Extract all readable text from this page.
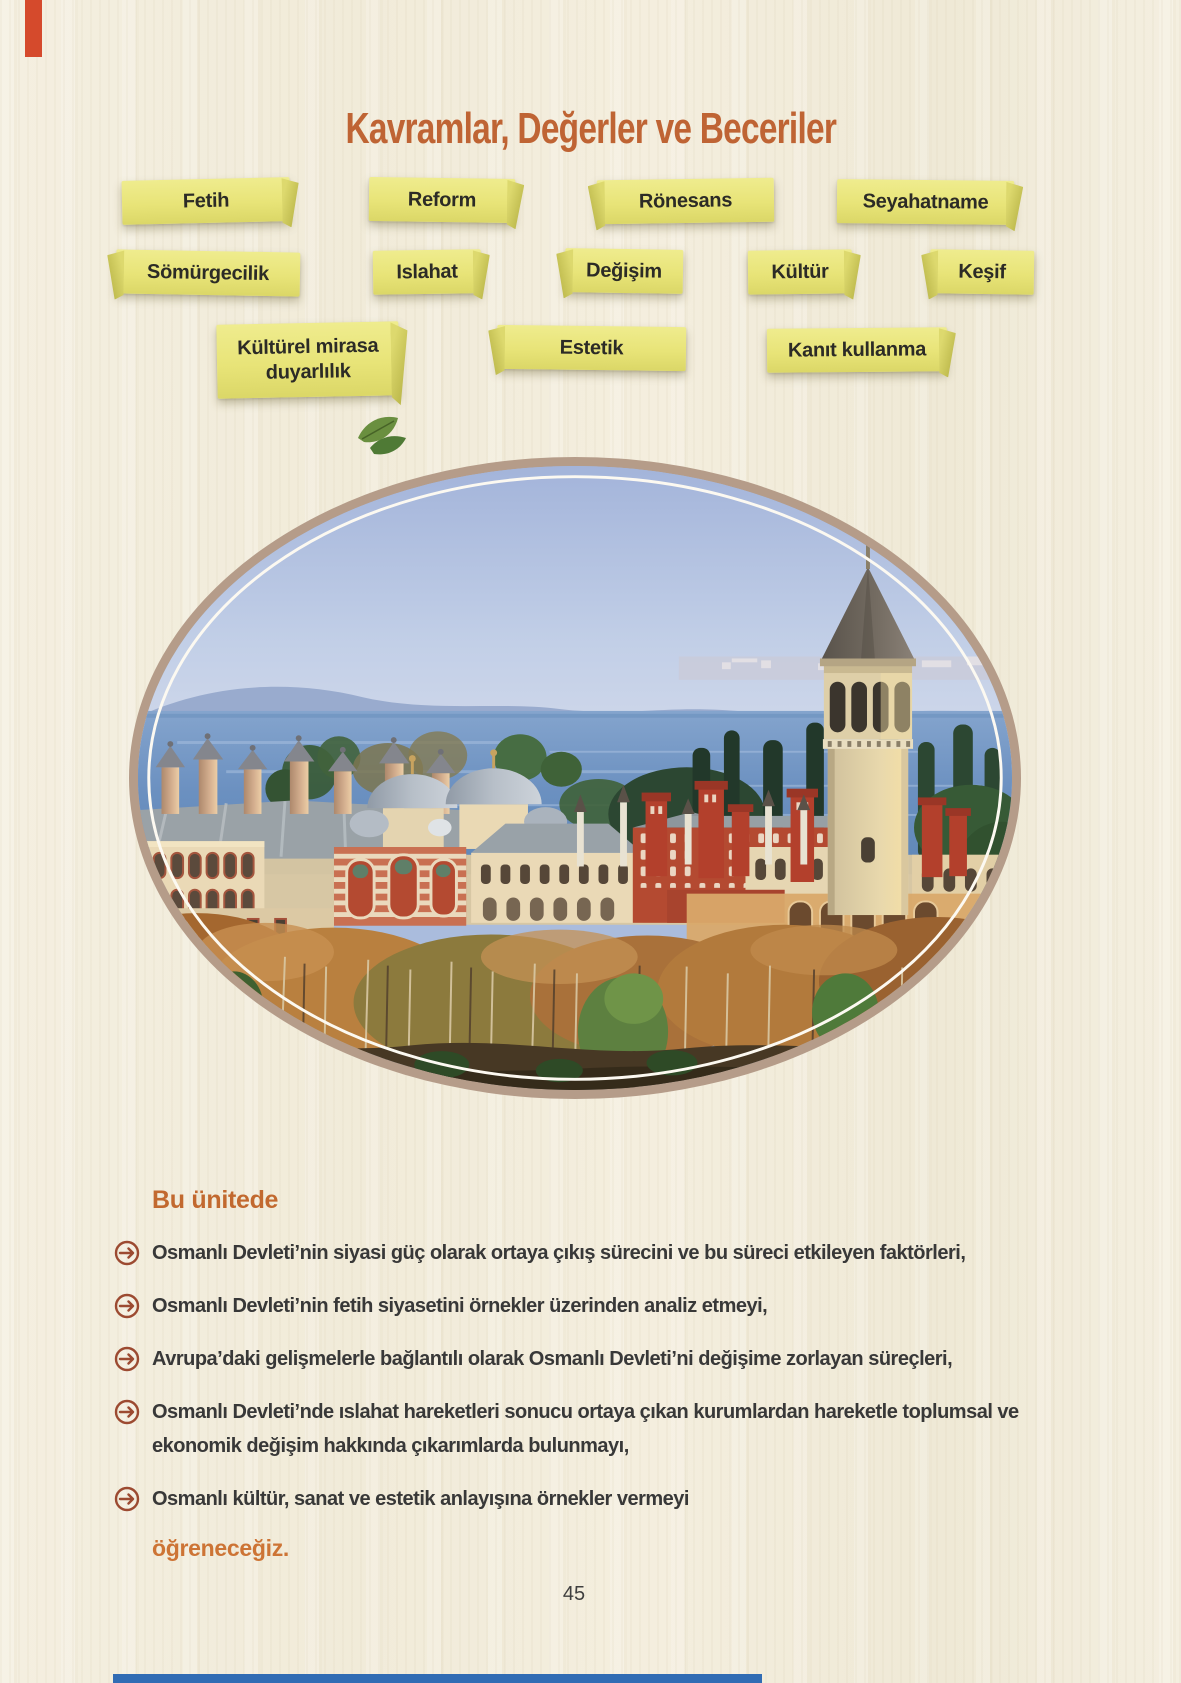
Kavramlar, Değerler ve Beceriler
Fetih	Reform	Rönesans	Seyahatname
Sömürgecilik	Islahat	Değişim	Kültür	Keşif
Kültürel mirasa
duyarlılık
Estetik	Kanıt kullanma
Bu ünitede
Osmanlı Devleti’nin siyasi güç olarak ortaya çıkış sürecini ve bu süreci etkileyen faktörleri,
Osmanlı Devleti’nin fetih siyasetini örnekler üzerinden analiz etmeyi,
Avrupa’daki gelişmelerle bağlantılı olarak Osmanlı Devleti’ni değişime zorlayan süreçleri,
Osmanlı Devleti’nde ıslahat hareketleri sonucu ortaya çıkan kurumlardan hareketle toplumsal ve ekonomik değişim hakkında çıkarımlarda bulunmayı,
Osmanlı kültür, sanat ve estetik anlayışına örnekler vermeyi

öğreneceğiz.

45
